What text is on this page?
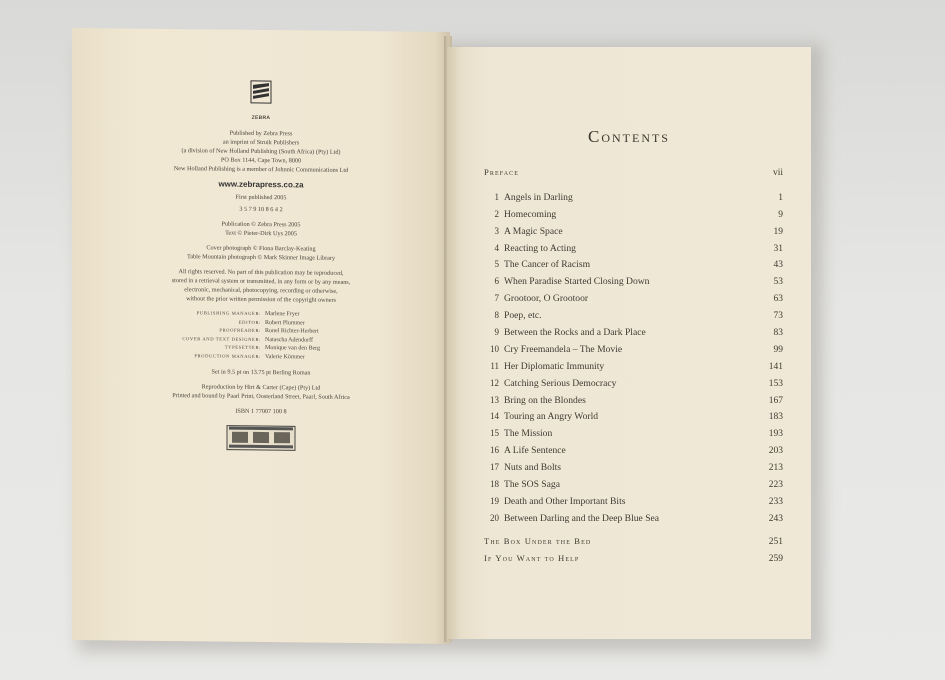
ZEBRA
Published by Zebra Press
an imprint of Struik Publishers
(a division of New Holland Publishing (South Africa) (Pty) Ltd)
PO Box 1144, Cape Town, 8000
New Holland Publishing is a member of Johnnic Communications Ltd
www.zebrapress.co.za
First published 2005
3 5 7 9 10 8 6 4 2
Publication © Zebra Press 2005
Text © Pieter-Dirk Uys 2005
Cover photograph © Fiona Barclay-Keating
Table Mountain photograph © Mark Skinner Image Library
All rights reserved. No part of this publication may be reproduced,
stored in a retrieval system or transmitted, in any form or by any means,
electronic, mechanical, photocopying, recording or otherwise,
without the prior written permission of the copyright owners
PUBLISHING MANAGER: Marlene Fryer
EDITOR: Robert Plummer
PROOFREADER: Ronel Richter-Herbert
COVER AND TEXT DESIGNER: Natascha Adendorff
TYPESETTER: Monique van den Berg
PRODUCTION MANAGER: Valerie Kömmer
Set in 9.5 pt on 13.75 pt Berling Roman
Reproduction by Hirt & Carter (Cape) (Pty) Ltd
Printed and bound by Paarl Print, Oosterland Street, Paarl, South Africa
ISBN 1 77007 100 8
Contents
Preface	vii
1 Angels in Darling	1
2 Homecoming	9
3 A Magic Space	19
4 Reacting to Acting	31
5 The Cancer of Racism	43
6 When Paradise Started Closing Down	53
7 Grootoor, O Grootoor	63
8 Poep, etc.	73
9 Between the Rocks and a Dark Place	83
10 Cry Freemandela – The Movie	99
11 Her Diplomatic Immunity	141
12 Catching Serious Democracy	153
13 Bring on the Blondes	167
14 Touring an Angry World	183
15 The Mission	193
16 A Life Sentence	203
17 Nuts and Bolts	213
18 The SOS Saga	223
19 Death and Other Important Bits	233
20 Between Darling and the Deep Blue Sea	243
The Box Under the Bed	251
If You Want to Help	259
